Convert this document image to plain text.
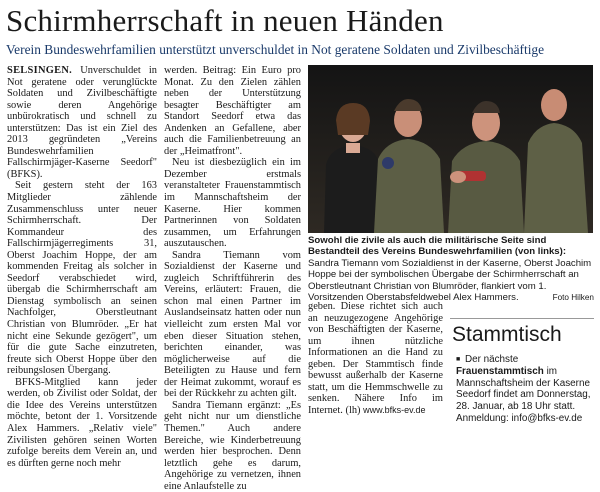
Schirmherrschaft in neuen Händen
Verein Bundeswehrfamilien unterstützt unverschuldet in Not geratene Soldaten und Zivilbeschäftige

SELSINGEN. Unverschuldet in Not geratene oder verunglückte Soldaten und Zivilbeschäftigte sowie deren Angehörige unbürokratisch und schnell zu unterstützen: Das ist ein Ziel des 2013 gegründeten „Vereins Bundeswehrfamilien Fallschirmjäger-Kaserne Seedorf" (BFKS).

Seit gestern steht der 163 Mitglieder zählende Zusammenschluss unter neuer Schirmherrschaft. Der Kommandeur des Fallschirmjägerregiments 31, Oberst Joachim Hoppe, der am kommenden Freitag als solcher in Seedorf verabschiedet wird, übergab die Schirmherrschaft am Dienstag symbolisch an seinen Nachfolger, Oberstleutnant Christian von Blumröder. „Er hat nicht eine Sekunde gezögert", um für die gute Sache einzutreten, freute sich Oberst Hoppe über den reibungslosen Übergang.

BFKS-Mitglied kann jeder werden, ob Zivilist oder Soldat, der die Idee des Vereins unterstützen möchte, betont der 1. Vorsitzende Alex Hammers. „Relativ viele" Zivilisten gehören seinen Worten zufolge bereits dem Verein an, und es dürften gerne noch mehr

werden. Beitrag: Ein Euro pro Monat. Zu den Zielen zählen neben der Unterstützung besagter Beschäftigter am Standort Seedorf etwa das Andenken an Gefallene, aber auch die Familienbetreuung an der „Heimatfront".

Neu ist diesbezüglich ein im Dezember erstmals veranstalteter Frauenstammtisch im Mannschaftsheim der Kaserne. Hier kommen Partnerinnen von Soldaten zusammen, um Erfahrungen auszutauschen.

Sandra Tiemann vom Sozialdienst der Kaserne und zugleich Schriftführerin des Vereins, erläutert: Frauen, die schon mal einen Partner im Auslandseinsatz hatten oder nun vielleicht zum ersten Mal vor eben dieser Situation stehen, berichten einander, was möglicherweise auf die Beteiligten zu Hause und fern der Heimat zukommt, worauf es bei der Rückkehr zu achten gilt.

Sandra Tiemann ergänzt: „Es geht nicht nur um dienstliche Themen." Auch andere Bereiche, wie Kinderbetreuung werden hier besprochen. Denn letztlich gehe es darum, Angehörige zu vernetzen, ihnen eine Anlaufstelle zu

Sowohl die zivile als auch die militärische Seite sind Bestandteil des Vereins Bundeswehrfamilien (von links): Sandra Tiemann vom Sozialdienst in der Kaserne, Oberst Joachim Hoppe bei der symbolischen Übergabe der Schirmherrschaft an Oberstleutnant Christian von Blumröder, flankiert vom 1. Vorsitzenden Oberstabsfeldwebel Alex Hammers.	Foto Hilken

geben. Diese richtet sich auch an neuzugezogene Angehörige von Beschäftigten der Kaserne, um ihnen nützliche Informationen an die Hand zu geben. Der Stammtisch finde bewusst außerhalb der Kaserne statt, um die Hemmschwelle zu senken. Nähere Info im Internet. (lh) www.bfks-ev.de

Stammtisch
■ Der nächste Frauenstammtisch im Mannschaftsheim der Kaserne Seedorf findet am Donnerstag, 28. Januar, ab 18 Uhr statt. Anmeldung: info@bfks-ev.de
